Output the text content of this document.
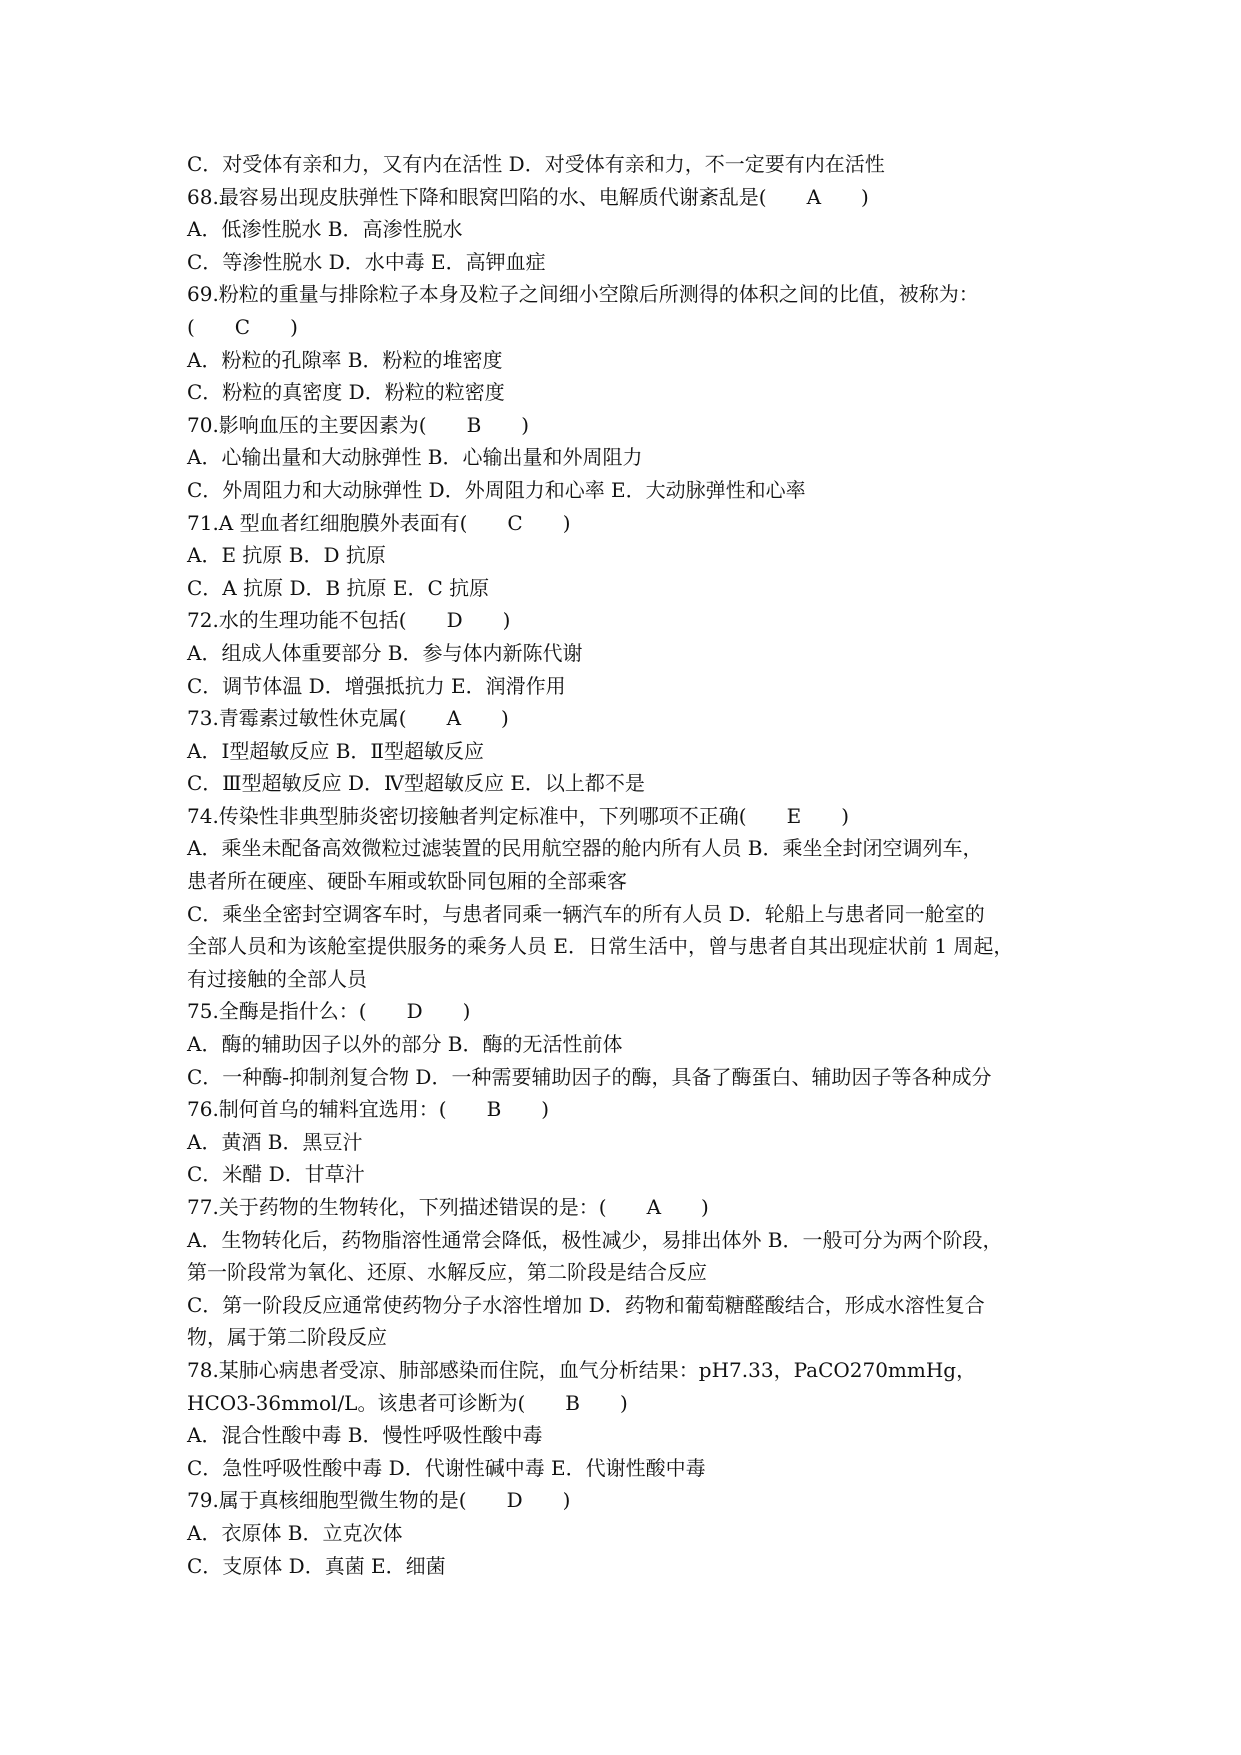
C．对受体有亲和力，又有内在活性 D．对受体有亲和力，不一定要有内在活性
68.最容易出现皮肤弹性下降和眼窝凹陷的水、电解质代谢紊乱是(　　A　　)
A．低渗性脱水 B．高渗性脱水
C．等渗性脱水 D．水中毒 E．高钾血症
69.粉粒的重量与排除粒子本身及粒子之间细小空隙后所测得的体积之间的比值，被称为：
(　　C　　)
A．粉粒的孔隙率 B．粉粒的堆密度
C．粉粒的真密度 D．粉粒的粒密度
70.影响血压的主要因素为(　　B　　)
A．心输出量和大动脉弹性 B．心输出量和外周阻力
C．外周阻力和大动脉弹性 D．外周阻力和心率 E．大动脉弹性和心率
71.A 型血者红细胞膜外表面有(　　C　　)
A．E 抗原 B．D 抗原
C．A 抗原 D．B 抗原 E．C 抗原
72.水的生理功能不包括(　　D　　)
A．组成人体重要部分 B．参与体内新陈代谢
C．调节体温 D．增强抵抗力 E．润滑作用
73.青霉素过敏性休克属(　　A　　)
A．Ⅰ型超敏反应 B．Ⅱ型超敏反应
C．Ⅲ型超敏反应 D．Ⅳ型超敏反应 E．以上都不是
74.传染性非典型肺炎密切接触者判定标准中，下列哪项不正确(　　E　　)
A．乘坐未配备高效微粒过滤装置的民用航空器的舱内所有人员 B．乘坐全封闭空调列车，
患者所在硬座、硬卧车厢或软卧同包厢的全部乘客
C．乘坐全密封空调客车时，与患者同乘一辆汽车的所有人员 D．轮船上与患者同一舱室的
全部人员和为该舱室提供服务的乘务人员 E．日常生活中，曾与患者自其出现症状前 1 周起，
有过接触的全部人员
75.全酶是指什么：(　　D　　)
A．酶的辅助因子以外的部分 B．酶的无活性前体
C．一种酶-抑制剂复合物 D．一种需要辅助因子的酶，具备了酶蛋白、辅助因子等各种成分
76.制何首乌的辅料宜选用：(　　B　　)
A．黄酒 B．黑豆汁
C．米醋 D．甘草汁
77.关于药物的生物转化，下列描述错误的是：(　　A　　)
A．生物转化后，药物脂溶性通常会降低，极性减少，易排出体外 B．一般可分为两个阶段，
第一阶段常为氧化、还原、水解反应，第二阶段是结合反应
C．第一阶段反应通常使药物分子水溶性增加 D．药物和葡萄糖醛酸结合，形成水溶性复合
物，属于第二阶段反应
78.某肺心病患者受凉、肺部感染而住院，血气分析结果：pH7.33，PaCO270mmHg，
HCO3-36mmol/L。该患者可诊断为(　　B　　)
A．混合性酸中毒 B．慢性呼吸性酸中毒
C．急性呼吸性酸中毒 D．代谢性碱中毒 E．代谢性酸中毒
79.属于真核细胞型微生物的是(　　D　　)
A．衣原体 B．立克次体
C．支原体 D．真菌 E．细菌
